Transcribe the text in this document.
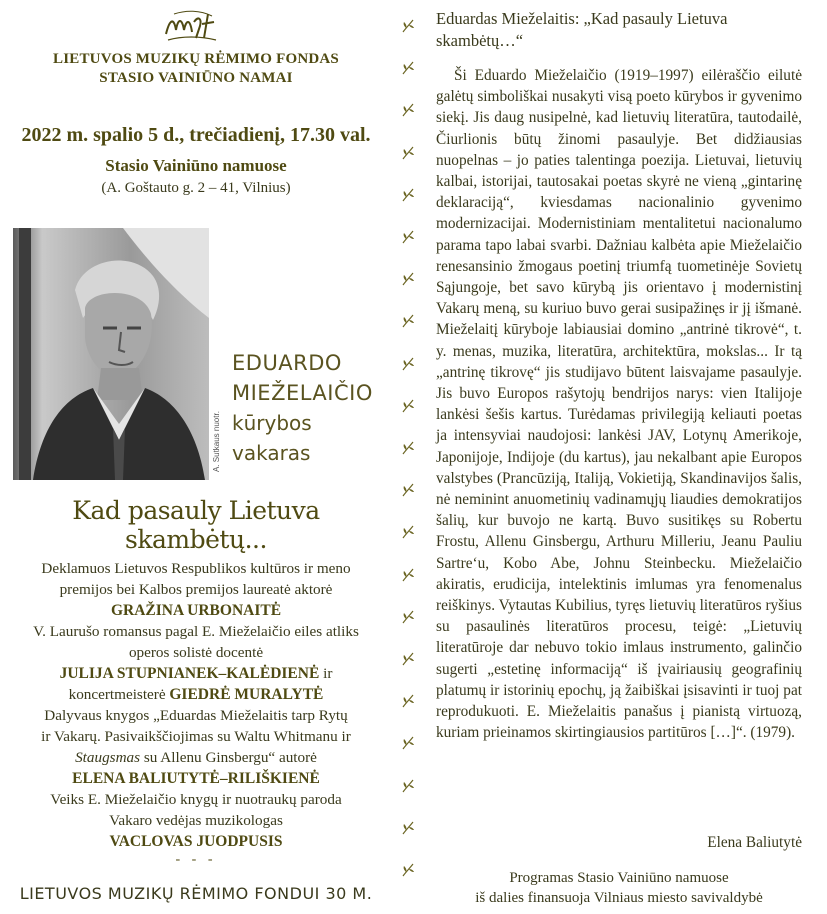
LIETUVOS MUZIKŲ RĖMIMO FONDAS
STASIO VAINIŪNO NAMAI
2022 m. spalio 5 d., trečiadienį, 17.30 val.
Stasio Vainiūno namuose
(A. Goštauto g. 2 – 41, Vilnius)
A. Sutkaus nuotr.
EDUARDO
MIEŽELAIČIO
kūrybos
vakaras
Kad pasauly Lietuva skambėtų...
Deklamuos Lietuvos Respublikos kultūros ir meno
premijos bei Kalbos premijos laureatė aktorė
GRAŽINA URBONAITĖ
V. Laurušo romansus pagal E. Mieželaičio eiles atliks
operos solistė docentė
JULIJA STUPNIANEK–KALĖDIENĖ ir
koncertmeisterė GIEDRĖ MURALYTĖ
Dalyvaus knygos „Eduardas Mieželaitis tarp Rytų
ir Vakarų. Pasivaikščiojimas su Waltu Whitmanu ir
Staugsmas su Allenu Ginsbergu“ autorė
ELENA BALIUTYTĖ–RILIŠKIENĖ
Veiks E. Mieželaičio knygų ir nuotraukų paroda
Vakaro vedėjas muzikologas
VACLOVAS JUODPUSIS
- - -
LIETUVOS MUZIKŲ RĖMIMO FONDUI 30 M.
Eduardas Mieželaitis: „Kad pasauly Lietuva skambėtų…“
Ši Eduardo Mieželaičio (1919–1997) eilėraščio eilutė galėtų simboliškai nusakyti visą poeto kūrybos ir gyvenimo siekį. Jis daug nusipelnė, kad lietuvių literatūra, tautodailė, Čiurlionis būtų žinomi pasaulyje. Bet didžiausias nuopelnas – jo paties talentinga poezija. Lietuvai, lietuvių kalbai, istorijai, tautosakai poetas skyrė ne vieną „gintarinę deklaraciją“, kviesdamas nacionalinio gyvenimo modernizacijai. Modernistiniam mentalitetui nacionalumo parama tapo labai svarbi. Dažniau kalbėta apie Mieželaičio renesansinio žmogaus poetinį triumfą tuometinėje Sovietų Sąjungoje, bet savo kūrybą jis orientavo į modernistinį Vakarų meną, su kuriuo buvo gerai susipažinęs ir jį išmanė. Mieželaitį kūryboje labiausiai domino „antrinė tikrovė“, t. y. menas, muzika, literatūra, architektūra, mokslas... Ir tą „antrinę tikrovę“ jis studijavo būtent laisvajame pasaulyje. Jis buvo Europos rašytojų bendrijos narys: vien Italijoje lankėsi šešis kartus. Turėdamas privilegiją keliauti poetas ja intensyviai naudojosi: lankėsi JAV, Lotynų Amerikoje, Japonijoje, Indijoje (du kartus), jau nekalbant apie Europos valstybes (Prancūziją, Italiją, Vokietiją, Skandinavijos šalis, nė neminint anuometinių vadinamųjų liaudies demokratijos šalių, kur buvojo ne kartą. Buvo susitikęs su Robertu Frostu, Allenu Ginsbergu, Arthuru Milleriu, Jeanu Pauliu Sartre‘u, Kobo Abe, Johnu Steinbecku. Mieželaičio akiratis, erudicija, intelektinis imlumas yra fenomenalus reiškinys. Vytautas Kubilius, tyręs lietuvių literatūros ryšius su pasaulinės literatūros procesu, teigė: „Lietuvių literatūroje dar nebuvo tokio imlaus instrumento, galinčio sugerti „estetinę informaciją“ iš įvairiausių geografinių platumų ir istorinių epochų, ją žaibiškai įsisavinti ir tuoj pat reprodukuoti. E. Mieželaitis panašus į pianistą virtuozą, kuriam prieinamos skirtingiausios partitūros […]“. (1979).
Elena Baliutytė
Programas Stasio Vainiūno namuose
iš dalies finansuoja Vilniaus miesto savivaldybė
